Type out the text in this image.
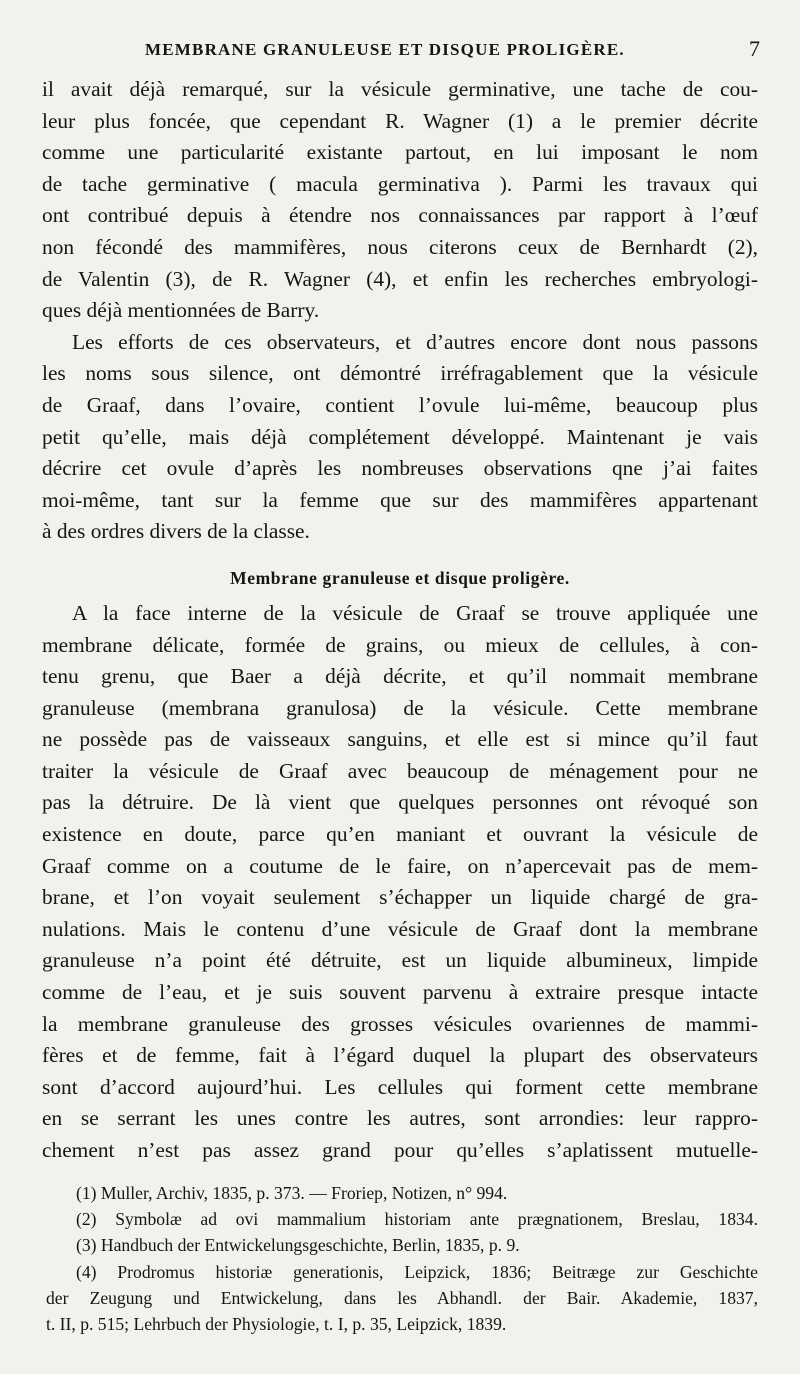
MEMBRANE GRANULEUSE ET DISQUE PROLIGÈRE.	7
il avait déjà remarqué, sur la vésicule germinative, une tache de cou-
leur plus foncée, que cependant R. Wagner (1) a le premier décrite
comme une particularité existante partout, en lui imposant le nom
de tache germinative ( macula germinativa ). Parmi les travaux qui
ont contribué depuis à étendre nos connaissances par rapport à l’œuf
non fécondé des mammifères, nous citerons ceux de Bernhardt (2),
de Valentin (3), de R. Wagner (4), et enfin les recherches embryologi-
ques déjà mentionnées de Barry.
Les efforts de ces observateurs, et d’autres encore dont nous passons
les noms sous silence, ont démontré irréfragablement que la vésicule
de Graaf, dans l’ovaire, contient l’ovule lui-même, beaucoup plus
petit qu’elle, mais déjà complétement développé. Maintenant je vais
décrire cet ovule d’après les nombreuses observations qne j’ai faites
moi-même, tant sur la femme que sur des mammifères appartenant
à des ordres divers de la classe.
Membrane granuleuse et disque proligère.
A la face interne de la vésicule de Graaf se trouve appliquée une
membrane délicate, formée de grains, ou mieux de cellules, à con-
tenu grenu, que Baer a déjà décrite, et qu’il nommait membrane
granuleuse (membrana granulosa) de la vésicule. Cette membrane
ne possède pas de vaisseaux sanguins, et elle est si mince qu’il faut
traiter la vésicule de Graaf avec beaucoup de ménagement pour ne
pas la détruire. De là vient que quelques personnes ont révoqué son
existence en doute, parce qu’en maniant et ouvrant la vésicule de
Graaf comme on a coutume de le faire, on n’apercevait pas de mem-
brane, et l’on voyait seulement s’échapper un liquide chargé de gra-
nulations. Mais le contenu d’une vésicule de Graaf dont la membrane
granuleuse n’a point été détruite, est un liquide albumineux, limpide
comme de l’eau, et je suis souvent parvenu à extraire presque intacte
la membrane granuleuse des grosses vésicules ovariennes de mammi-
fères et de femme, fait à l’égard duquel la plupart des observateurs
sont d’accord aujourd’hui. Les cellules qui forment cette membrane
en se serrant les unes contre les autres, sont arrondies: leur rappro-
chement n’est pas assez grand pour qu’elles s’aplatissent mutuelle-
(1) Muller, Archiv, 1835, p. 373. — Froriep, Notizen, n° 994.
(2) Symbolæ ad ovi mammalium historiam ante prægnationem, Breslau, 1834.
(3) Handbuch der Entwickelungsgeschichte, Berlin, 1835, p. 9.
(4) Prodromus historiæ generationis, Leipzick, 1836; Beitræge zur Geschichte
der Zeugung und Entwickelung, dans les Abhandl. der Bair. Akademie, 1837,
t. II, p. 515; Lehrbuch der Physiologie, t. I, p. 35, Leipzick, 1839.
